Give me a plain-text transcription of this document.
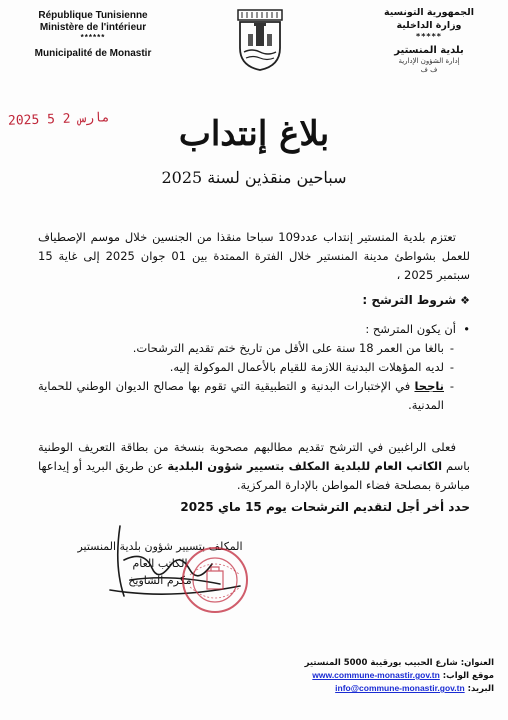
République Tunisienne
Ministère de l'intérieur
******
Municipalité de Monastir
الجمهورية التونسية
وزارة الداخلية
*****
بلدية المنستير
إدارة الشؤون الإدارية
ف ف
2025 مارس 2 5	بلاغ إنتداب
سباحين منقذين لسنة 2025
تعتزم بلدية المنستير إنتداب عدد109 سباحا منقذا من الجنسين خلال موسم الإصطياف للعمل بشواطئ مدينة المنستير خلال الفترة الممتدة بين 01 جوان 2025 إلى غاية 15 سبتمبر 2025 ،
❖شروط الترشح :

• أن يكون المترشح :

- بالغا من العمر 18 سنة على الأقل من تاريخ ختم تقديم الترشحات.
- لديه المؤهلات البدنية اللازمة للقيام بالأعمال الموكولة إليه.
- ناجحا في الإختبارات البدنية و التطبيقية التي تقوم بها مصالح الديوان الوطني للحماية المدنية.
فعلى الراغبين في الترشح تقديم مطالبهم مصحوبة بنسخة من بطاقة التعريف الوطنية باسم الكاتب العام للبلدية المكلف بتسيير شؤون البلدية عن طريق البريد أو إيداعها مباشرة بمصلحة فضاء المواطن بالإدارة المركزية.
حدد أخر أجل لتقديم الترشحات يوم 15 ماي 2025
المكلف بتسيير شؤون بلدية المنستير
الكاتب العام
مكرم الشاويخ
العنوان: شارع الحبيب بورقيبة 5000 المنستير
موقع الواب: www.commune-monastir.gov.tn
البريد: info@commune-monastir.gov.tn
